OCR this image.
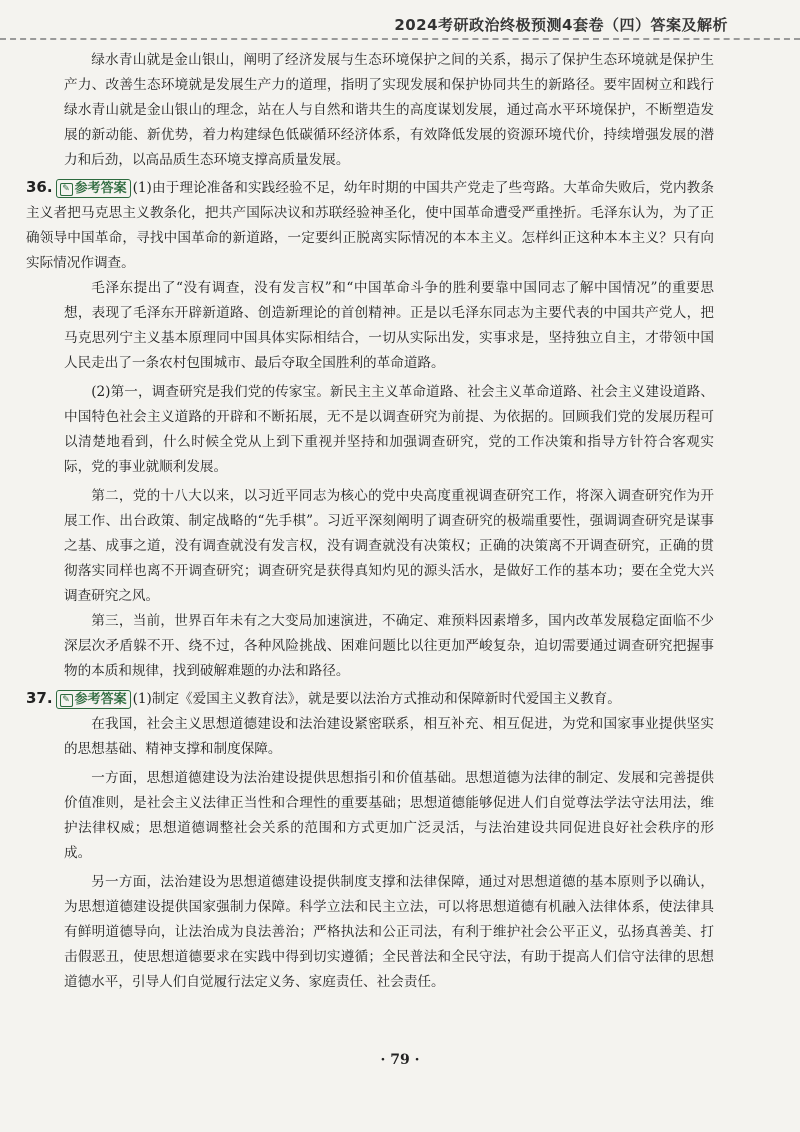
2024考研政治终极预测4套卷（四）答案及解析

绿水青山就是金山银山，阐明了经济发展与生态环境保护之间的关系，揭示了保护生态环境就是保护生产力、改善生态环境就是发展生产力的道理，指明了实现发展和保护协同共生的新路径。要牢固树立和践行绿水青山就是金山银山的理念，站在人与自然和谐共生的高度谋划发展，通过高水平环境保护，不断塑造发展的新动能、新优势，着力构建绿色低碳循环经济体系，有效降低发展的资源环境代价，持续增强发展的潜力和后劲，以高品质生态环境支撑高质量发展。

36. ✎ 参考答案 (1)由于理论准备和实践经验不足，幼年时期的中国共产党走了些弯路。大革命失败后，党内教条主义者把马克思主义教条化，把共产国际决议和苏联经验神圣化，使中国革命遭受严重挫折。毛泽东认为，为了正确领导中国革命，寻找中国革命的新道路，一定要纠正脱离实际情况的本本主义。怎样纠正这种本本主义？只有向实际情况作调查。

毛泽东提出了“没有调查，没有发言权”和“中国革命斗争的胜利要靠中国同志了解中国情况”的重要思想，表现了毛泽东开辟新道路、创造新理论的首创精神。正是以毛泽东同志为主要代表的中国共产党人，把马克思列宁主义基本原理同中国具体实际相结合，一切从实际出发，实事求是，坚持独立自主，才带领中国人民走出了一条农村包围城市、最后夺取全国胜利的革命道路。

(2)第一，调查研究是我们党的传家宝。新民主主义革命道路、社会主义革命道路、社会主义建设道路、中国特色社会主义道路的开辟和不断拓展，无不是以调查研究为前提、为依据的。回顾我们党的发展历程可以清楚地看到，什么时候全党从上到下重视并坚持和加强调查研究，党的工作决策和指导方针符合客观实际，党的事业就顺利发展。

第二，党的十八大以来，以习近平同志为核心的党中央高度重视调查研究工作，将深入调查研究作为开展工作、出台政策、制定战略的“先手棋”。习近平深刻阐明了调查研究的极端重要性，强调调查研究是谋事之基、成事之道，没有调查就没有发言权，没有调查就没有决策权；正确的决策离不开调查研究，正确的贯彻落实同样也离不开调查研究；调查研究是获得真知灼见的源头活水，是做好工作的基本功；要在全党大兴调查研究之风。

第三，当前，世界百年未有之大变局加速演进，不确定、难预料因素增多，国内改革发展稳定面临不少深层次矛盾躲不开、绕不过，各种风险挑战、困难问题比以往更加严峻复杂，迫切需要通过调查研究把握事物的本质和规律，找到破解难题的办法和路径。

37. ✎ 参考答案 (1)制定《爱国主义教育法》，就是要以法治方式推动和保障新时代爱国主义教育。

在我国，社会主义思想道德建设和法治建设紧密联系，相互补充、相互促进，为党和国家事业提供坚实的思想基础、精神支撑和制度保障。

一方面，思想道德建设为法治建设提供思想指引和价值基础。思想道德为法律的制定、发展和完善提供价值准则，是社会主义法律正当性和合理性的重要基础；思想道德能够促进人们自觉尊法学法守法用法，维护法律权威；思想道德调整社会关系的范围和方式更加广泛灵活，与法治建设共同促进良好社会秩序的形成。

另一方面，法治建设为思想道德建设提供制度支撑和法律保障，通过对思想道德的基本原则予以确认，为思想道德建设提供国家强制力保障。科学立法和民主立法，可以将思想道德有机融入法律体系，使法律具有鲜明道德导向，让法治成为良法善治；严格执法和公正司法，有利于维护社会公平正义，弘扬真善美、打击假恶丑，使思想道德要求在实践中得到切实遵循；全民普法和全民守法，有助于提高人们信守法律的思想道德水平，引导人们自觉履行法定义务、家庭责任、社会责任。

· 79 ·
